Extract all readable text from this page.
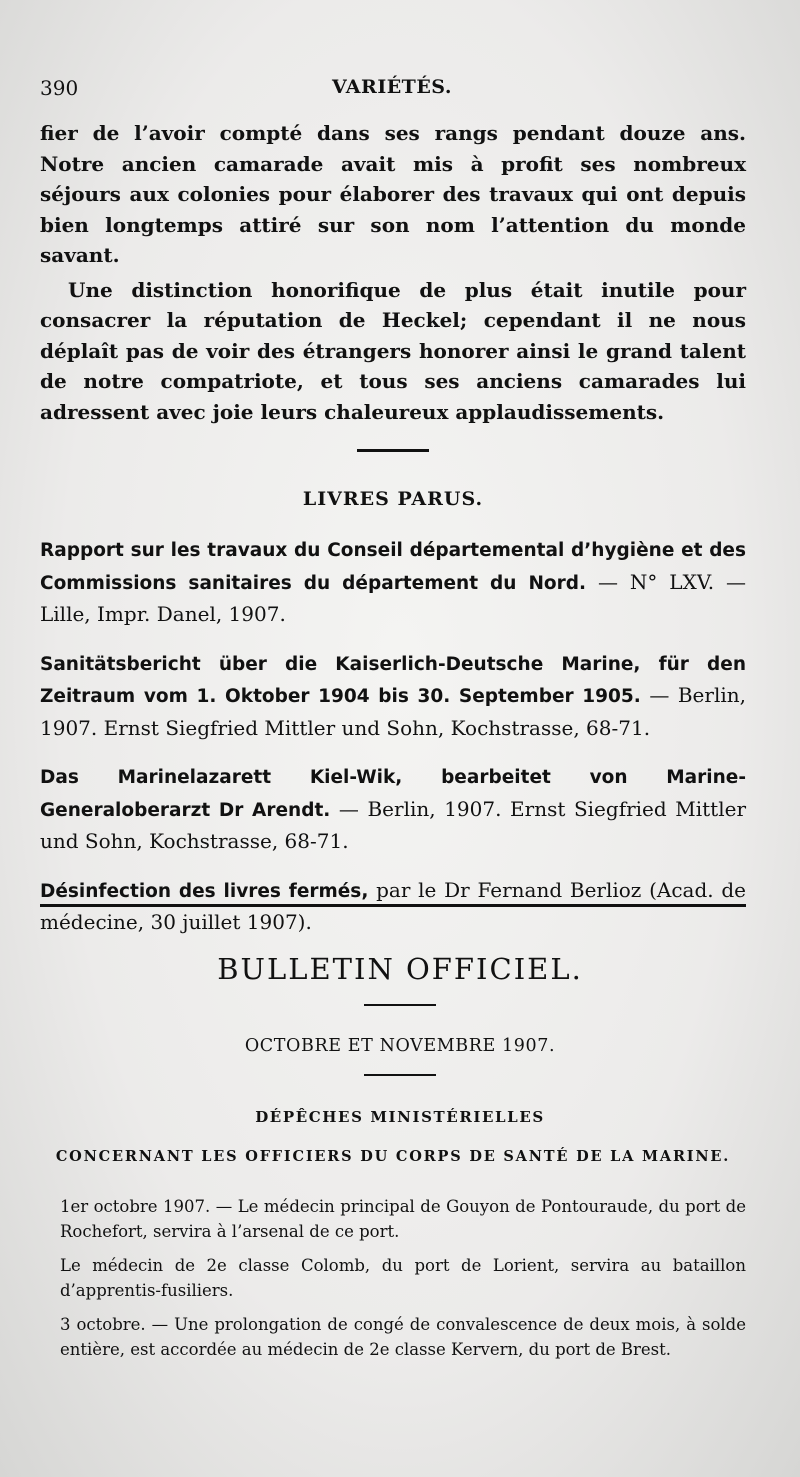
390	VARIÉTÉS.

fier de l’avoir compté dans ses rangs pendant douze ans. Notre ancien camarade avait mis à profit ses nombreux séjours aux colonies pour élaborer des travaux qui ont depuis bien longtemps attiré sur son nom l’attention du monde savant.

Une distinction honorifique de plus était inutile pour consacrer la réputation de Heckel; cependant il ne nous déplaît pas de voir des étrangers honorer ainsi le grand talent de notre compatriote, et tous ses anciens camarades lui adressent avec joie leurs chaleureux applaudissements.

LIVRES PARUS.
Rapport sur les travaux du Conseil départemental d’hygiène et des Commissions sanitaires du département du Nord. — N° LXV. — Lille, Impr. Danel, 1907.
Sanitätsbericht über die Kaiserlich-Deutsche Marine, für den Zeitraum vom 1. Oktober 1904 bis 30. September 1905. — Berlin, 1907. Ernst Siegfried Mittler und Sohn, Kochstrasse, 68-71.
Das Marinelazarett Kiel-Wik, bearbeitet von Marine-Generaloberarzt Dr Arendt. — Berlin, 1907. Ernst Siegfried Mittler und Sohn, Kochstrasse, 68-71.
Désinfection des livres fermés, par le Dr Fernand Berlioz (Acad. de médecine, 30 juillet 1907).
BULLETIN OFFICIEL.
OCTOBRE ET NOVEMBRE 1907.
DÉPÊCHES MINISTÉRIELLES
CONCERNANT LES OFFICIERS DU CORPS DE SANTÉ DE LA MARINE.
1er octobre 1907. — Le médecin principal de Gouyon de Pontouraude, du port de Rochefort, servira à l’arsenal de ce port.
Le médecin de 2e classe Colomb, du port de Lorient, servira au bataillon d’apprentis-fusiliers.
3 octobre. — Une prolongation de congé de convalescence de deux mois, à solde entière, est accordée au médecin de 2e classe Kervern, du port de Brest.
